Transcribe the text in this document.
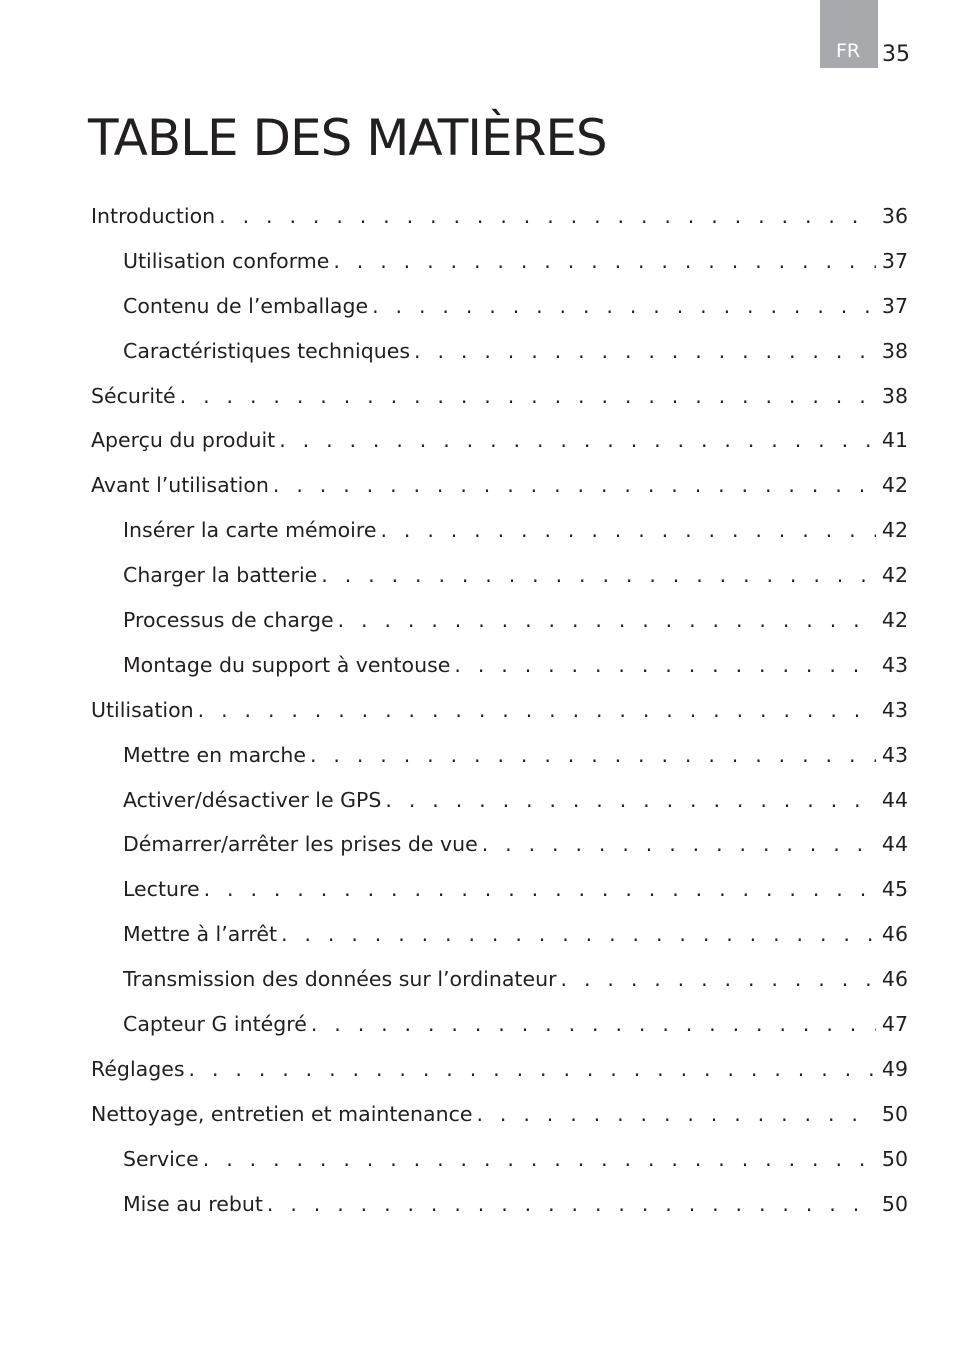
FR 35
TABLE DES MATIÈRES
Introduction . . .	36
Utilisation conforme . . .	37
Contenu de l’emballage . . .	37
Caractéristiques techniques . . .	38
Sécurité . . .	38
Aperçu du produit . . .	41
Avant l’utilisation . . .	42
Insérer la carte mémoire . . .	42
Charger la batterie . . .	42
Processus de charge . . .	42
Montage du support à ventouse . . .	43
Utilisation . . .	43
Mettre en marche . . .	43
Activer/désactiver le GPS . . .	44
Démarrer/arrêter les prises de vue . . .	44
Lecture . . .	45
Mettre à l’arrêt . . .	46
Transmission des données sur l’ordinateur . . .	46
Capteur G intégré . . .	47
Réglages . . .	49
Nettoyage, entretien et maintenance . . .	50
Service . . .	50
Mise au rebut . . .	50
